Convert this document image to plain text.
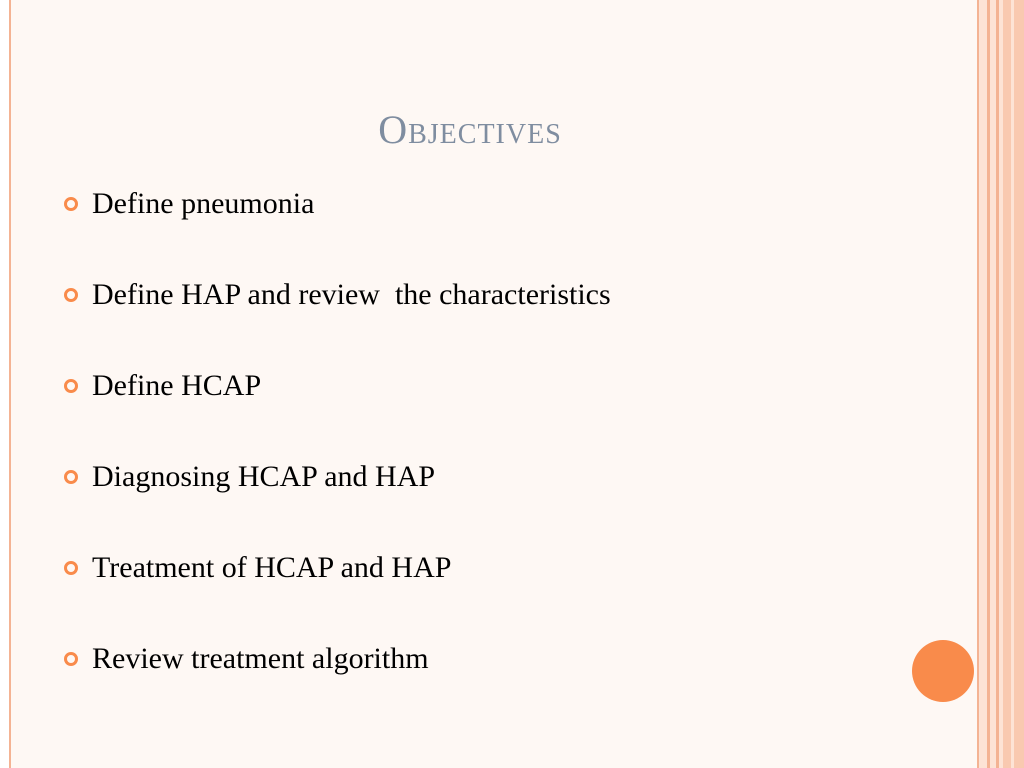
Objectives
Define pneumonia
Define HAP and review  the characteristics
Define HCAP
Diagnosing HCAP and HAP
Treatment of HCAP and HAP
Review treatment algorithm
